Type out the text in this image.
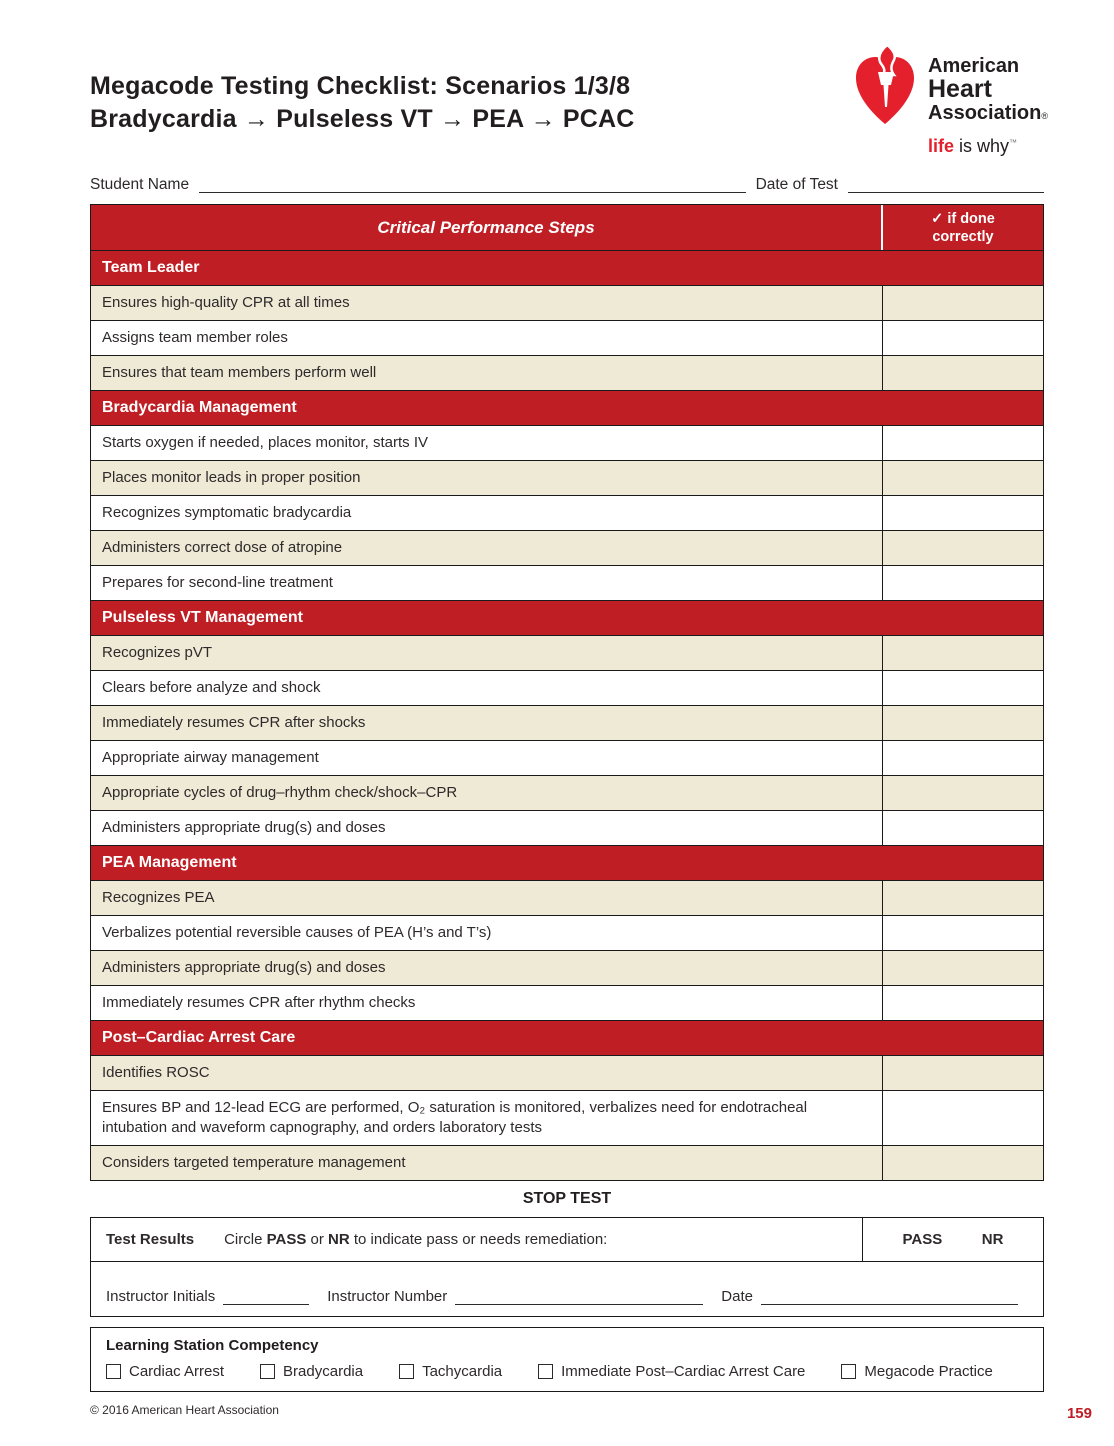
Megacode Testing Checklist: Scenarios 1/3/8
Bradycardia → Pulseless VT → PEA → PCAC
American
Heart
Association®
life is why™
Student Name	Date of Test
Critical Performance Steps	✓ if done
correctly
Team Leader
Ensures high-quality CPR at all times
Assigns team member roles
Ensures that team members perform well
Bradycardia Management
Starts oxygen if needed, places monitor, starts IV
Places monitor leads in proper position
Recognizes symptomatic bradycardia
Administers correct dose of atropine
Prepares for second-line treatment
Pulseless VT Management
Recognizes pVT
Clears before analyze and shock
Immediately resumes CPR after shocks
Appropriate airway management
Appropriate cycles of drug–rhythm check/shock–CPR
Administers appropriate drug(s) and doses
PEA Management
Recognizes PEA
Verbalizes potential reversible causes of PEA (H’s and T’s)
Administers appropriate drug(s) and doses
Immediately resumes CPR after rhythm checks
Post–Cardiac Arrest Care
Identifies ROSC
Ensures BP and 12-lead ECG are performed, O₂ saturation is monitored, verbalizes need for endotracheal intubation and waveform capnography, and orders laboratory tests
Considers targeted temperature management
STOP TEST
Test Results Circle PASS or NR to indicate pass or needs remediation:	PASS	NR
Instructor Initials	Instructor Number	Date
Learning Station Competency
Cardiac Arrest	Bradycardia	Tachycardia	Immediate Post–Cardiac Arrest Care	Megacode Practice
© 2016 American Heart Association	159
